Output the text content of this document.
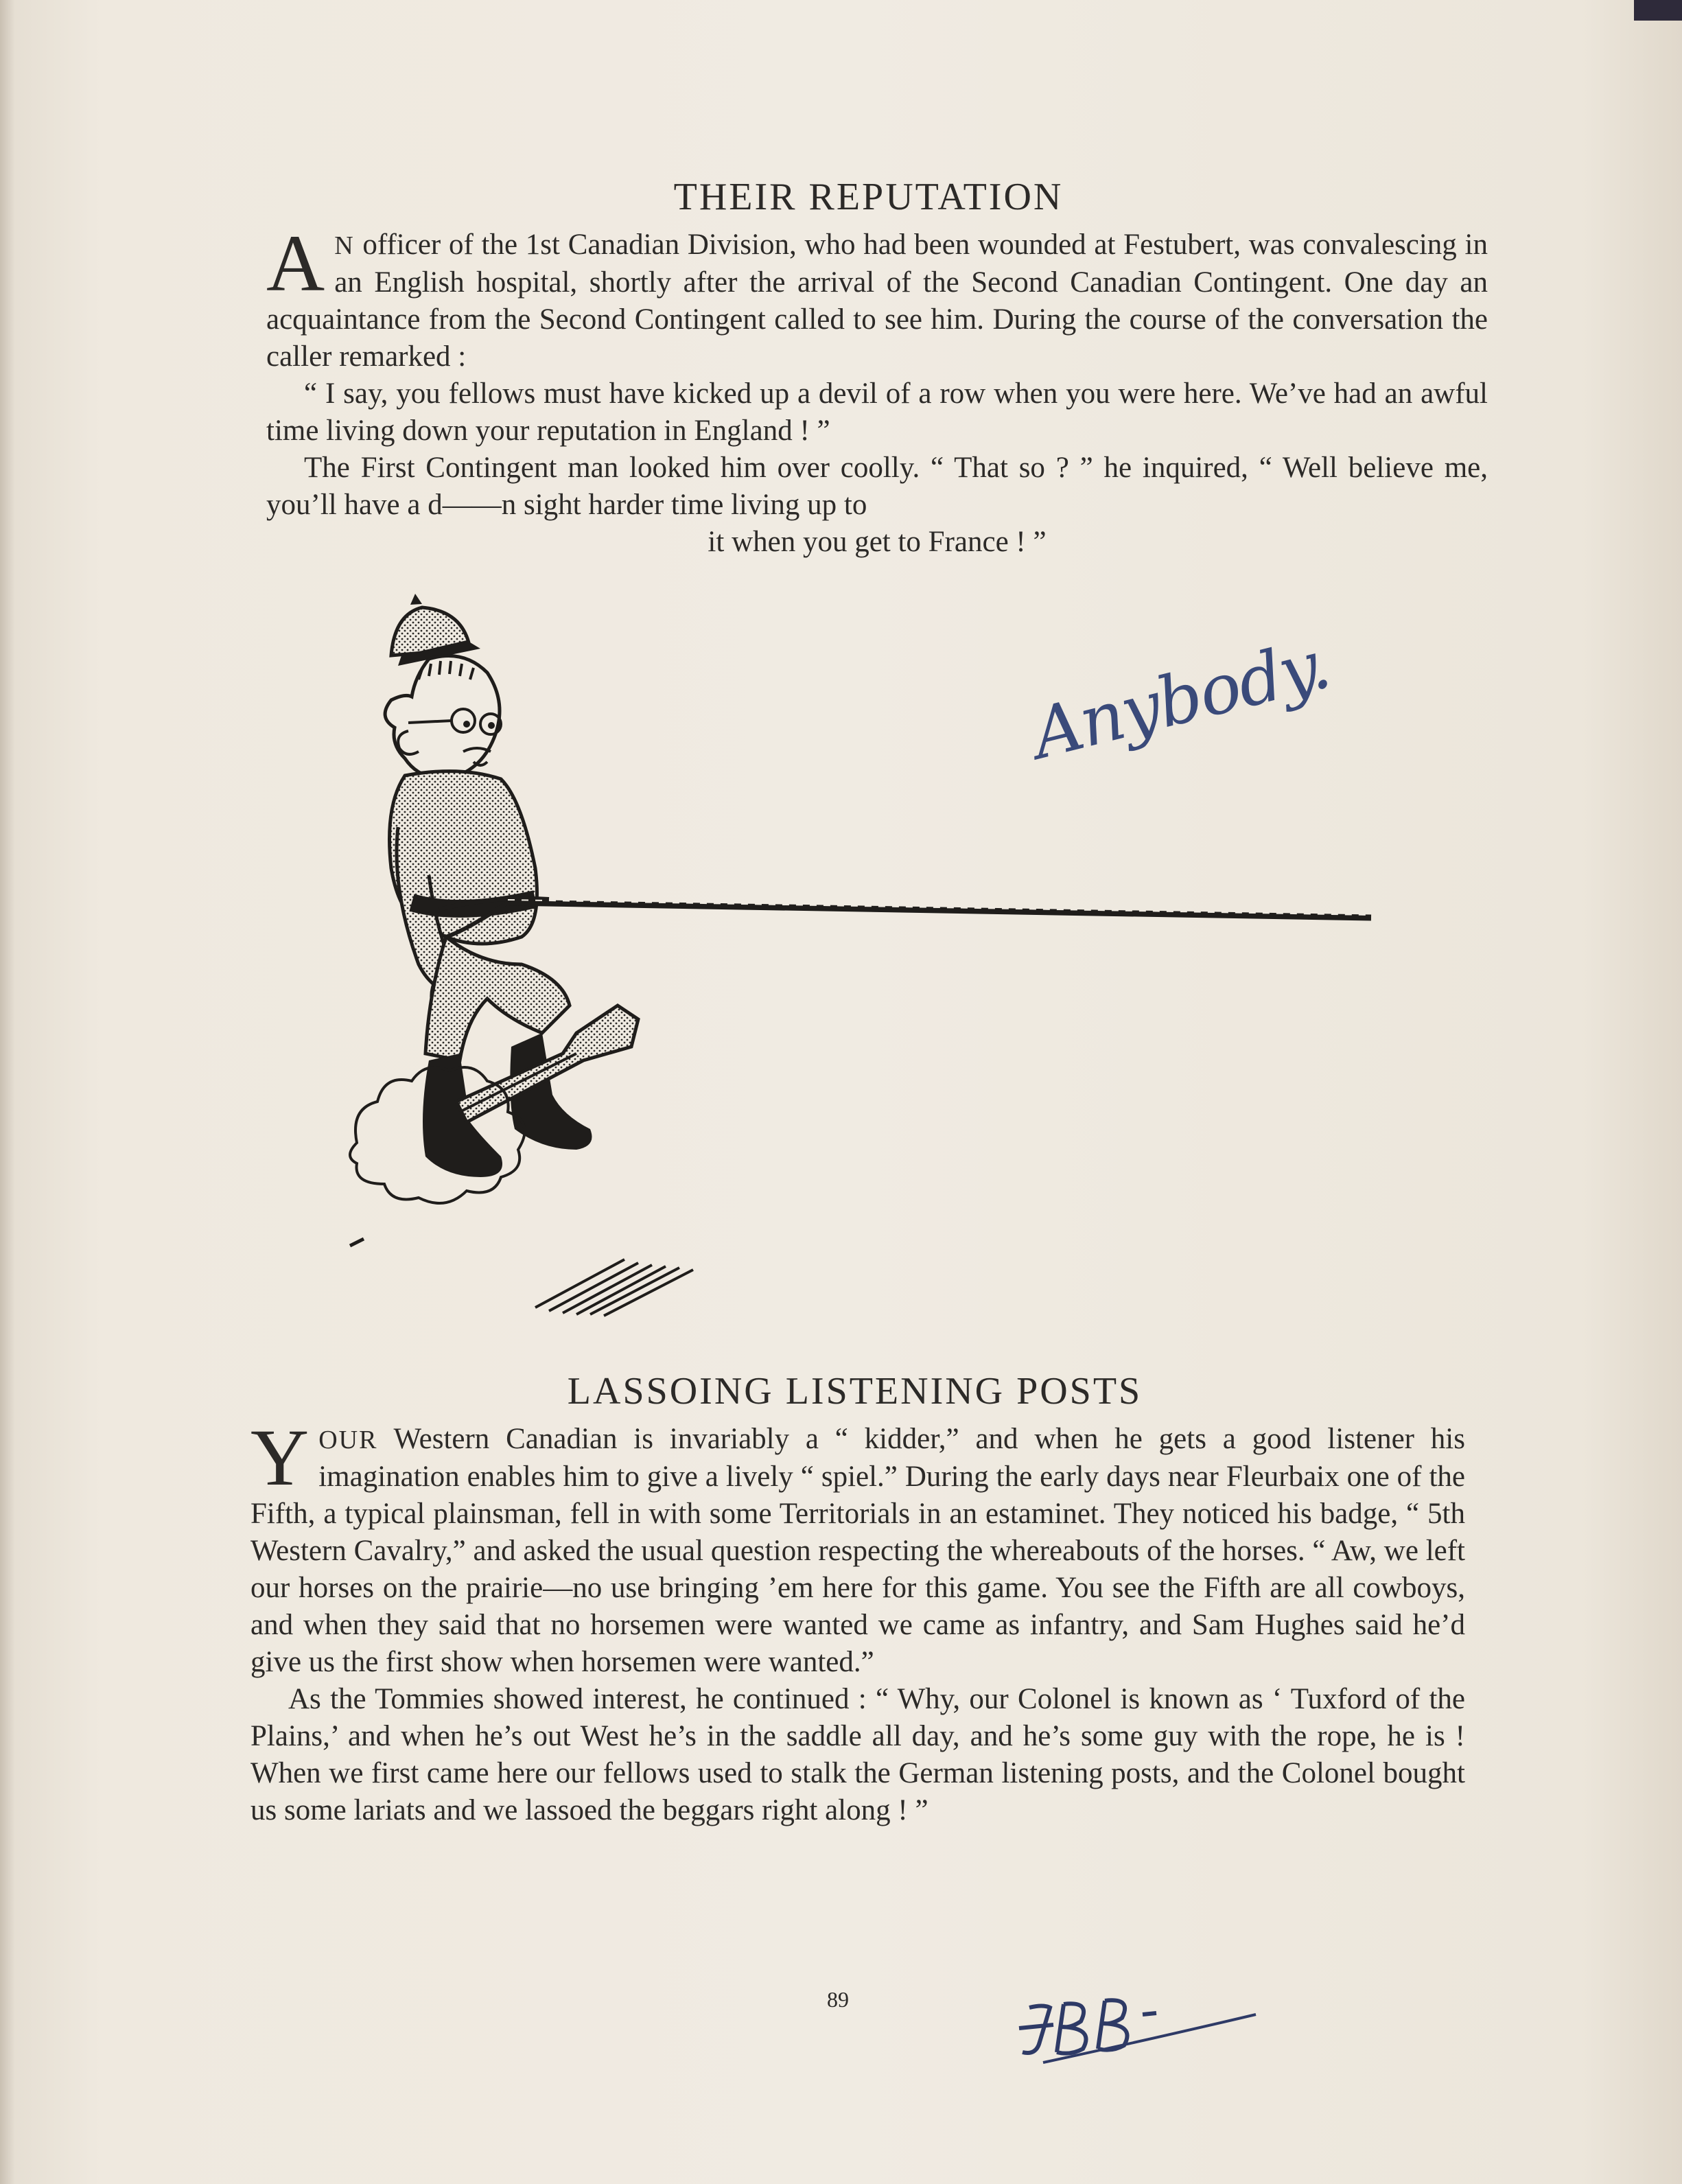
THEIR REPUTATION

A N officer of the 1st Canadian Division, who had been wounded at Festubert, was convalescing in an English hospital, shortly after the arrival of the Second Canadian Contingent. One day an acquaintance from the Second Contingent called to see him. During the course of the conversation the caller remarked :

“ I say, you fellows must have kicked up a devil of a row when you were here. We’ve had an awful time living down your reputation in England ! ”

The First Contingent man looked him over coolly. “ That so ? ” he inquired, “ Well believe me, you’ll have a d——n sight harder time living up to

it when you get to France ! ”

Anybody.
LASSOING LISTENING POSTS

YOUR Western Canadian is invariably a “ kidder,” and when he gets a good listener his imagination enables him to give a lively “ spiel.” During the early days near Fleurbaix one of the Fifth, a typical plainsman, fell in with some Territorials in an estaminet. They noticed his badge, “ 5th Western Cavalry,” and asked the usual question respecting the whereabouts of the horses. “ Aw, we left our horses on the prairie—no use bringing ’em here for this game. You see the Fifth are all cowboys, and when they said that no horsemen were wanted we came as infantry, and Sam Hughes said he’d give us the first show when horsemen were wanted.”

As the Tommies showed interest, he continued : “ Why, our Colonel is known as ‘ Tuxford of the Plains,’ and when he’s out West he’s in the saddle all day, and he’s some guy with the rope, he is ! When we first came here our fellows used to stalk the German listening posts, and the Colonel bought us some lariats and we lassoed the beggars right along ! ”

89
